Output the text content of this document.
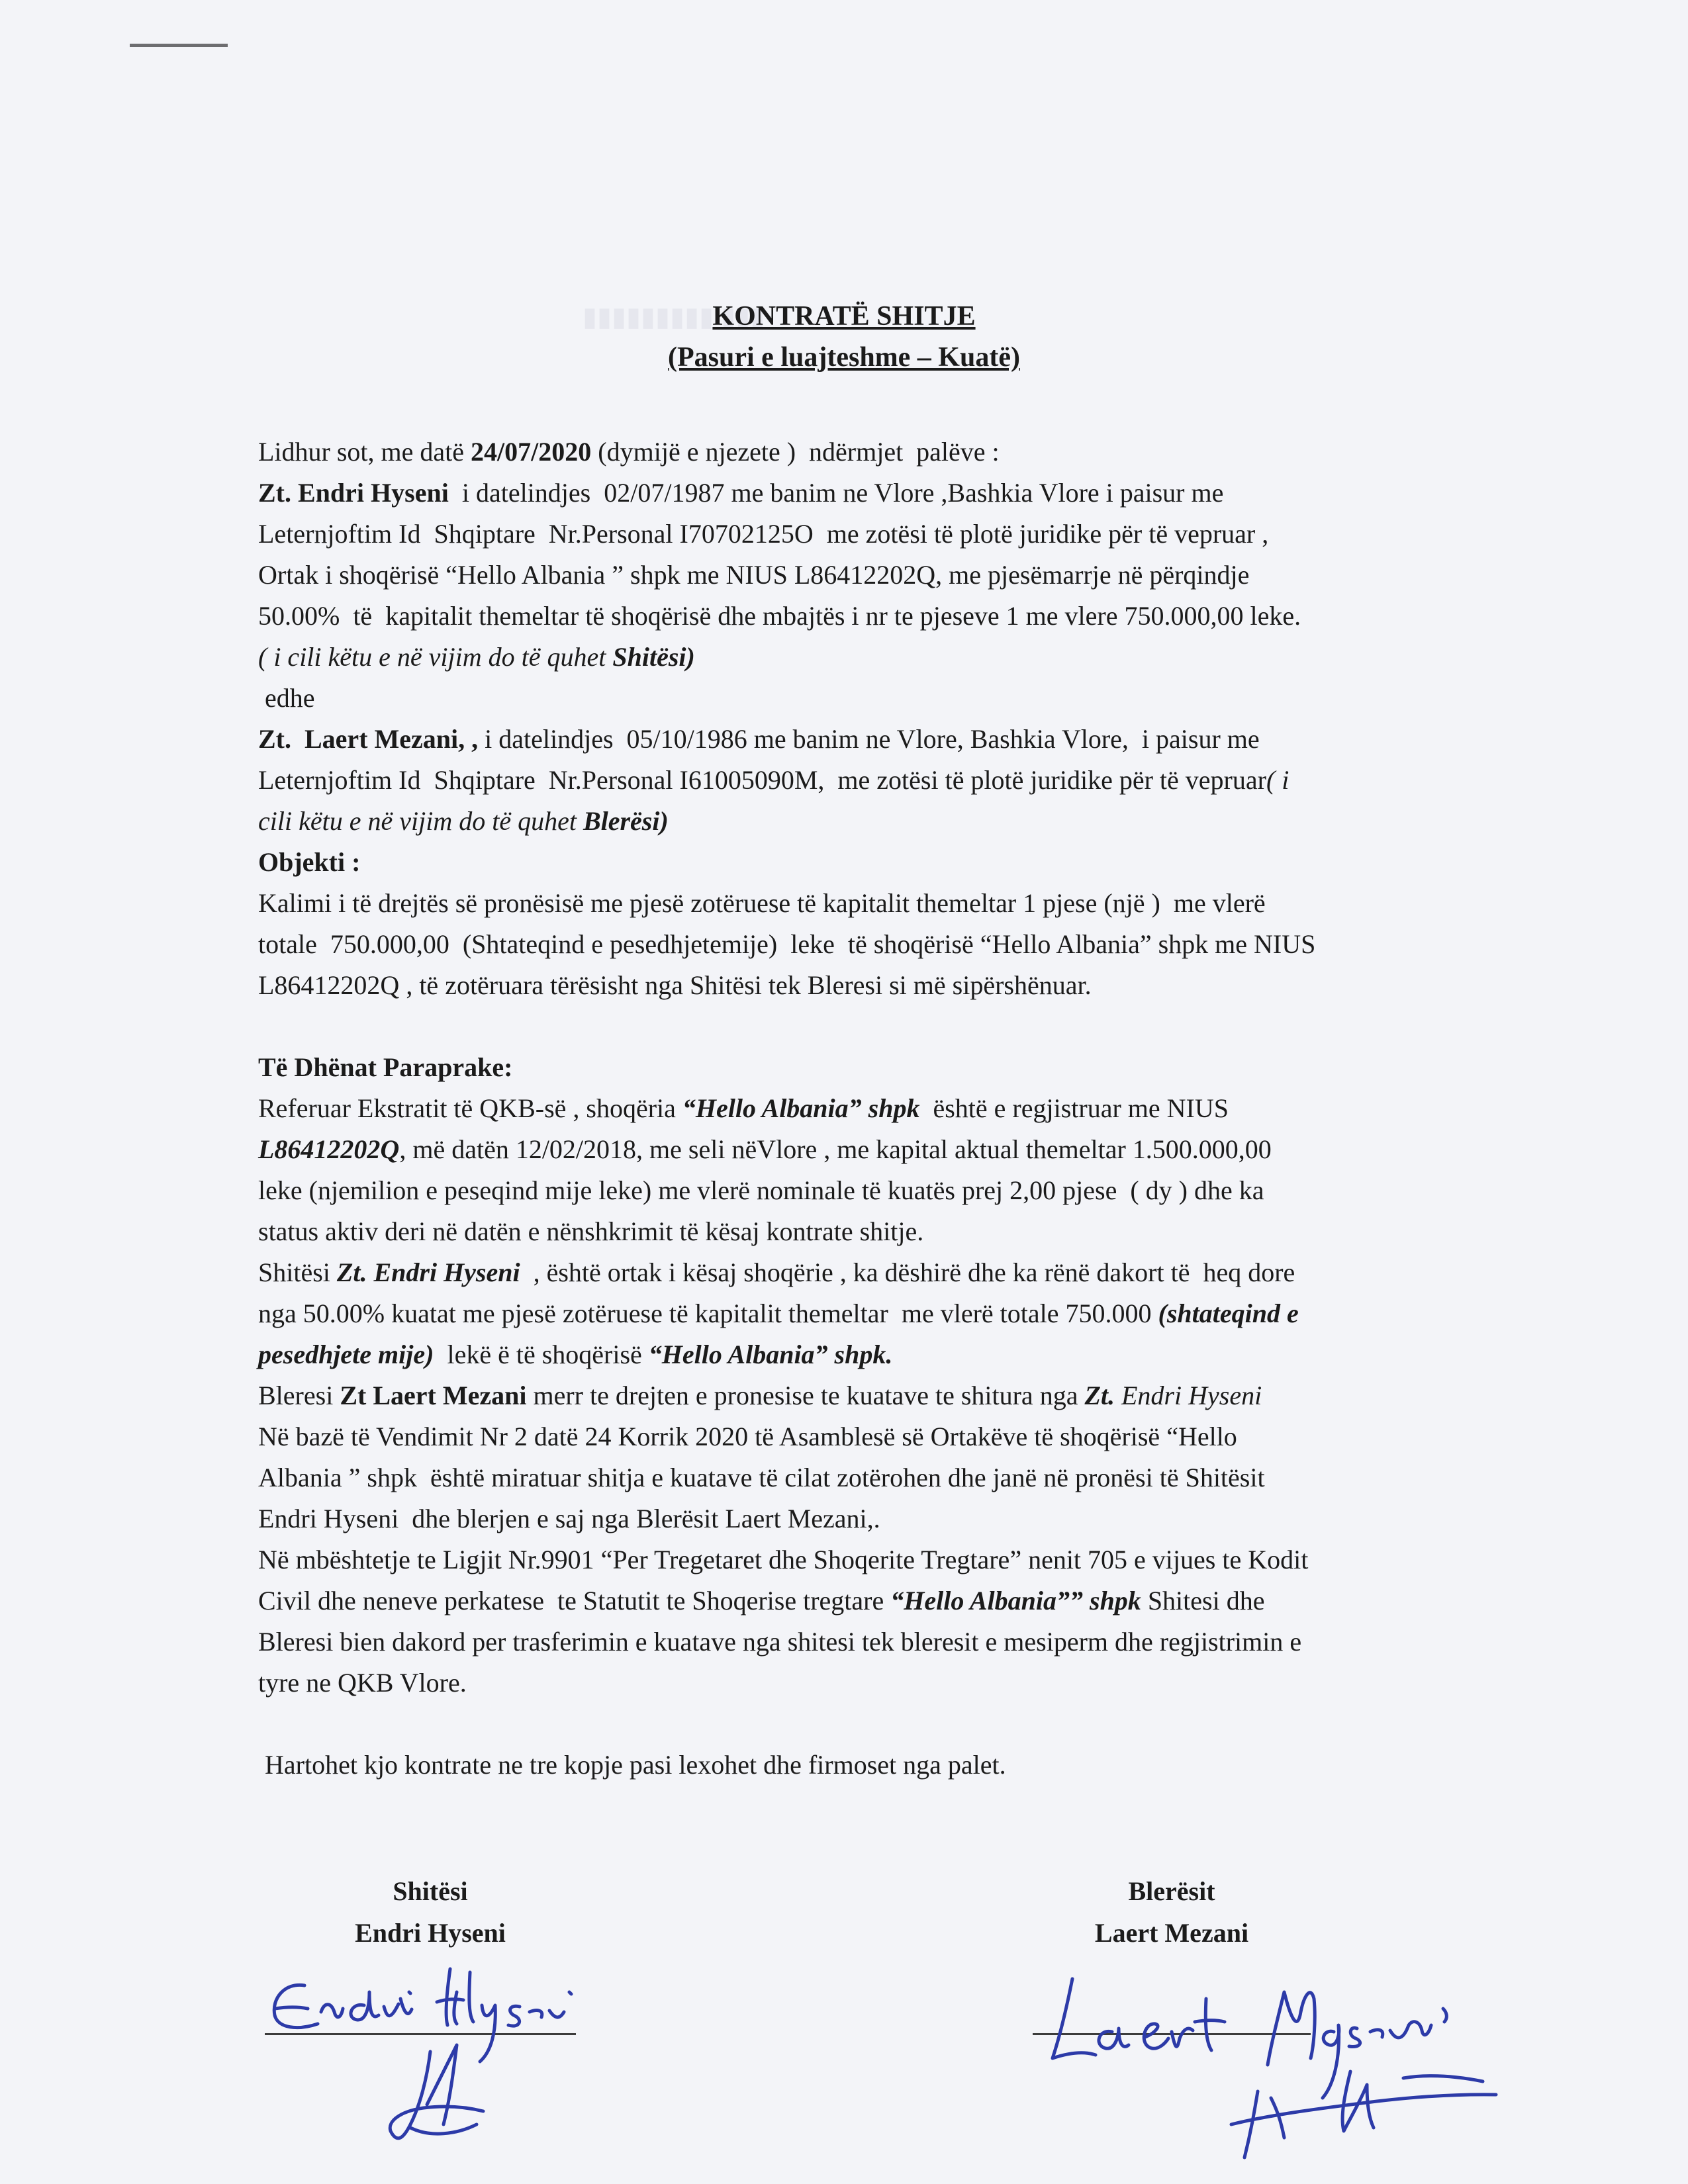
▮▮▮▮▮▮▮▮▮ ▮▮▮
KONTRATË SHITJE
(Pasuri e luajteshme – Kuatë)
Lidhur sot, me datë 24/07/2020 (dymijë e njezete )  ndërmjet  palëve :
Zt. Endri Hyseni  i datelindjes  02/07/1987 me banim ne Vlore ,Bashkia Vlore i paisur me
Leternjoftim Id  Shqiptare  Nr.Personal I70702125O  me zotësi të plotë juridike për të vepruar ,
Ortak i shoqërisë “Hello Albania ” shpk me NIUS L86412202Q, me pjesëmarrje në përqindje
50.00%  të  kapitalit themeltar të shoqërisë dhe mbajtës i nr te pjeseve 1 me vlere 750.000,00 leke.
( i cili këtu e në vijim do të quhet Shitësi)
edhe
Zt.  Laert Mezani, , i datelindjes  05/10/1986 me banim ne Vlore, Bashkia Vlore,  i paisur me
Leternjoftim Id  Shqiptare  Nr.Personal I61005090M,  me zotësi të plotë juridike për të vepruar( i
cili këtu e në vijim do të quhet Blerësi)
Objekti :
Kalimi i të drejtës së pronësisë me pjesë zotëruese të kapitalit themeltar 1 pjese (një )  me vlerë
totale  750.000,00  (Shtateqind e pesedhjetemije)  leke  të shoqërisë “Hello Albania” shpk me NIUS
L86412202Q , të zotëruara tërësisht nga Shitësi tek Bleresi si më sipërshënuar.
Të Dhënat Paraprake:
Referuar Ekstratit të QKB-së , shoqëria “Hello Albania” shpk  është e regjistruar me NIUS
L86412202Q, më datën 12/02/2018, me seli nëVlore , me kapital aktual themeltar 1.500.000,00
leke (njemilion e peseqind mije leke) me vlerë nominale të kuatës prej 2,00 pjese  ( dy ) dhe ka
status aktiv deri në datën e nënshkrimit të kësaj kontrate shitje.
Shitësi Zt. Endri Hyseni  , është ortak i kësaj shoqërie , ka dëshirë dhe ka rënë dakort të  heq dore
nga 50.00% kuatat me pjesë zotëruese të kapitalit themeltar  me vlerë totale 750.000 (shtateqind e
pesedhjete mije)  lekë ë të shoqërisë “Hello Albania” shpk.
Bleresi Zt Laert Mezani merr te drejten e pronesise te kuatave te shitura nga Zt. Endri Hyseni
Në bazë të Vendimit Nr 2 datë 24 Korrik 2020 të Asamblesë së Ortakëve të shoqërisë “Hello
Albania ” shpk  është miratuar shitja e kuatave të cilat zotërohen dhe janë në pronësi të Shitësit
Endri Hyseni  dhe blerjen e saj nga Blerësit Laert Mezani,.
Në mbështetje te Ligjit Nr.9901 “Per Tregetaret dhe Shoqerite Tregtare” nenit 705 e vijues te Kodit
Civil dhe neneve perkatese  te Statutit te Shoqerise tregtare “Hello Albania”” shpk Shitesi dhe
Bleresi bien dakord per trasferimin e kuatave nga shitesi tek bleresit e mesiperm dhe regjistrimin e
tyre ne QKB Vlore.
Hartohet kjo kontrate ne tre kopje pasi lexohet dhe firmoset nga palet.
Shitësi
Endri Hyseni
Blerësit
Laert Mezani
